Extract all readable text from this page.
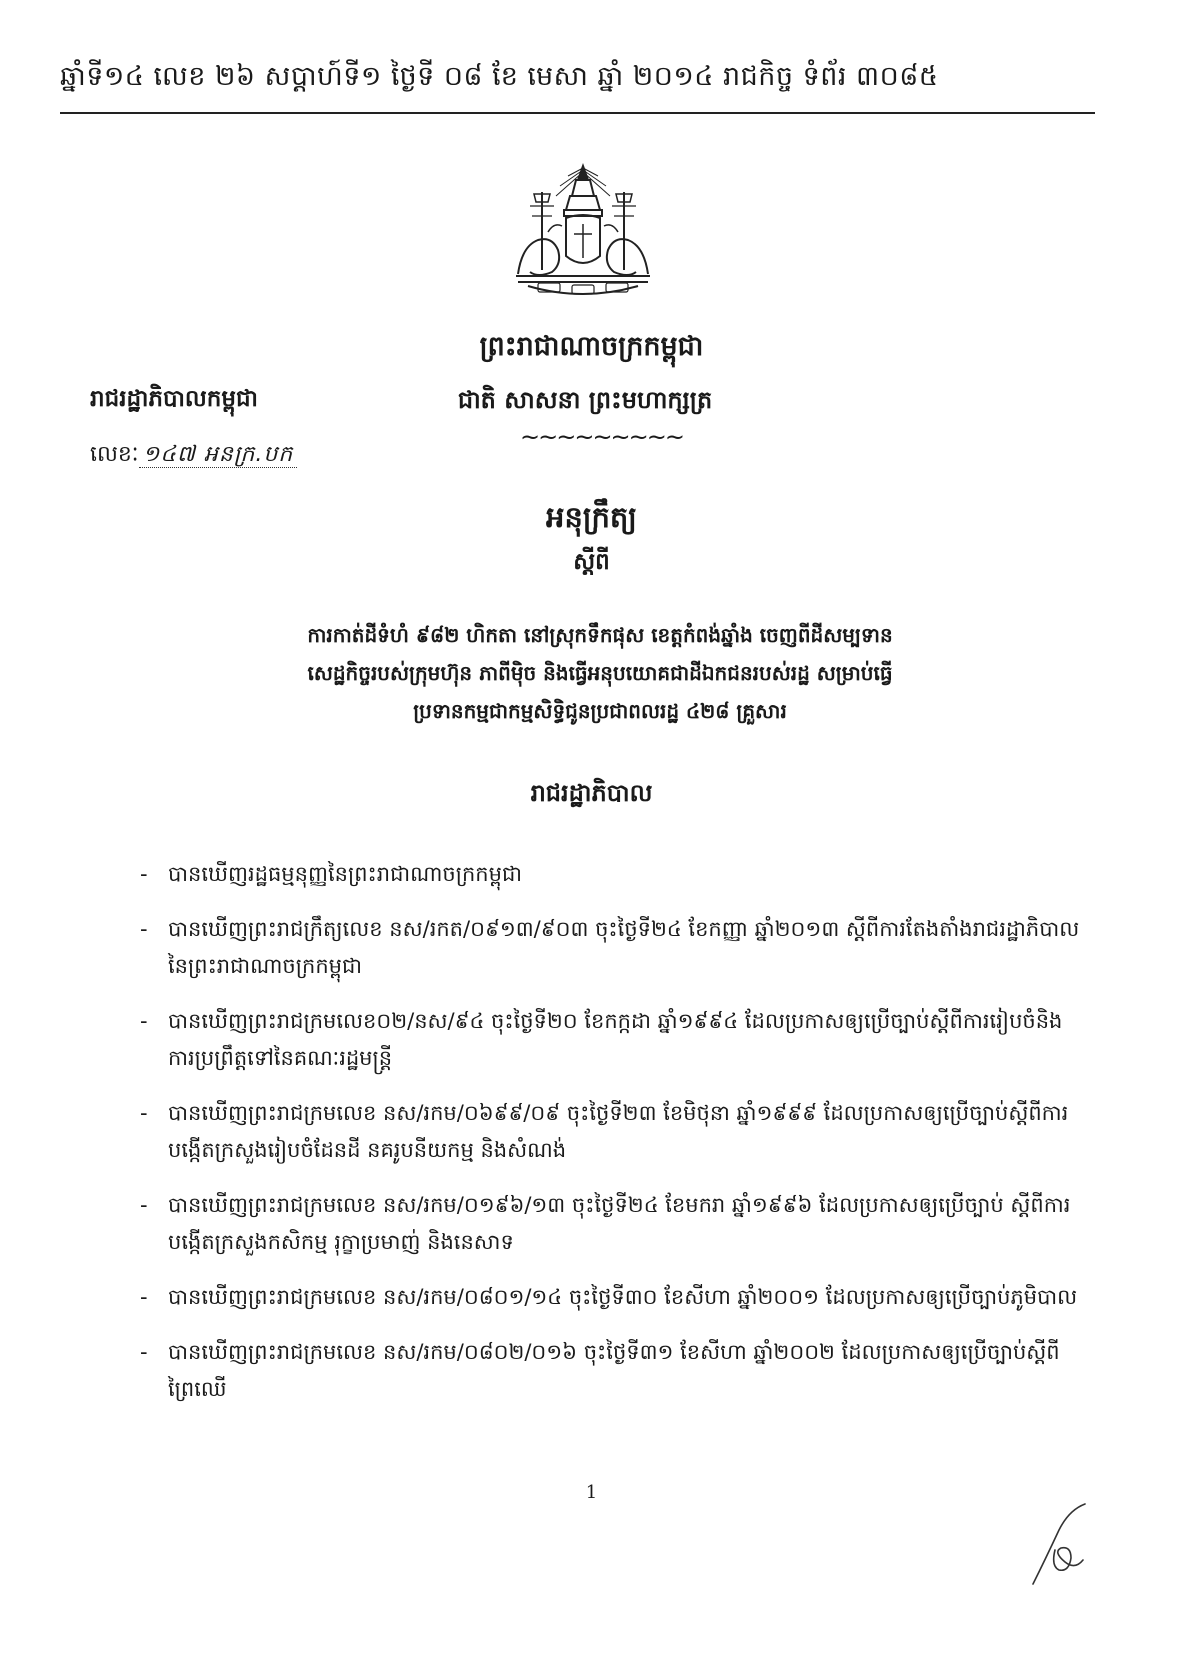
ឆ្នាំទី១៤ លេខ ២៦ សប្តាហ៍ទី១ ថ្ងៃទី ០៨ ខែ មេសា ឆ្នាំ ២០១៤ រាជកិច្ច ទំព័រ ៣០៨៥
ព្រះរាជាណាចក្រកម្ពុជា
រាជរដ្ឋាភិបាលកម្ពុជា	ជាតិ សាសនា ព្រះមហាក្សត្រ
~~~~~~~~~
លេខៈ ១៤៧ អនក្រ.បក
អនុក្រឹត្យ
ស្តីពី
ការកាត់ដីទំហំ ៩៨២ ហិកតា នៅស្រុកទឹកផុស ខេត្តកំពង់ឆ្នាំង ចេញពីដីសម្បទាន
សេដ្ឋកិច្ចរបស់ក្រុមហ៊ុន ភាពីម៉ិច និងធ្វើអនុបយោគជាដីឯកជនរបស់រដ្ឋ សម្រាប់ធ្វើ
ប្រទានកម្មជាកម្មសិទ្ធិជូនប្រជាពលរដ្ឋ ៤២៨ គ្រួសារ
រាជរដ្ឋាភិបាល
- បានឃើញរដ្ឋធម្មនុញ្ញនៃព្រះរាជាណាចក្រកម្ពុជា
- បានឃើញព្រះរាជក្រឹត្យលេខ នស/រកត/០៩១៣/៩០៣ ចុះថ្ងៃទី២៤ ខែកញ្ញា ឆ្នាំ២០១៣ ស្តីពីការតែងតាំងរាជរដ្ឋាភិបាលនៃព្រះរាជាណាចក្រកម្ពុជា
- បានឃើញព្រះរាជក្រមលេខ០២/នស/៩៤ ចុះថ្ងៃទី២០ ខែកក្កដា ឆ្នាំ១៩៩៤ ដែលប្រកាសឲ្យប្រើច្បាប់ស្តីពីការរៀបចំនិងការប្រព្រឹត្តទៅនៃគណៈរដ្ឋមន្ត្រី
- បានឃើញព្រះរាជក្រមលេខ នស/រកម/០៦៩៩/០៩ ចុះថ្ងៃទី២៣ ខែមិថុនា ឆ្នាំ១៩៩៩ ដែលប្រកាសឲ្យប្រើច្បាប់ស្តីពីការបង្កើតក្រសួងរៀបចំដែនដី នគរូបនីយកម្ម និងសំណង់
- បានឃើញព្រះរាជក្រមលេខ នស/រកម/០១៩៦/១៣ ចុះថ្ងៃទី២៤ ខែមករា ឆ្នាំ១៩៩៦ ដែលប្រកាសឲ្យប្រើច្បាប់ ស្តីពីការបង្កើតក្រសួងកសិកម្ម រុក្ខាប្រមាញ់ និងនេសាទ
- បានឃើញព្រះរាជក្រមលេខ នស/រកម/០៨០១/១៤ ចុះថ្ងៃទី៣០ ខែសីហា ឆ្នាំ២០០១ ដែលប្រកាសឲ្យប្រើច្បាប់ភូមិបាល
- បានឃើញព្រះរាជក្រមលេខ នស/រកម/០៨០២/០១៦ ចុះថ្ងៃទី៣១ ខែសីហា ឆ្នាំ២០០២ ដែលប្រកាសឲ្យប្រើច្បាប់ស្តីពីព្រៃឈើ
1
